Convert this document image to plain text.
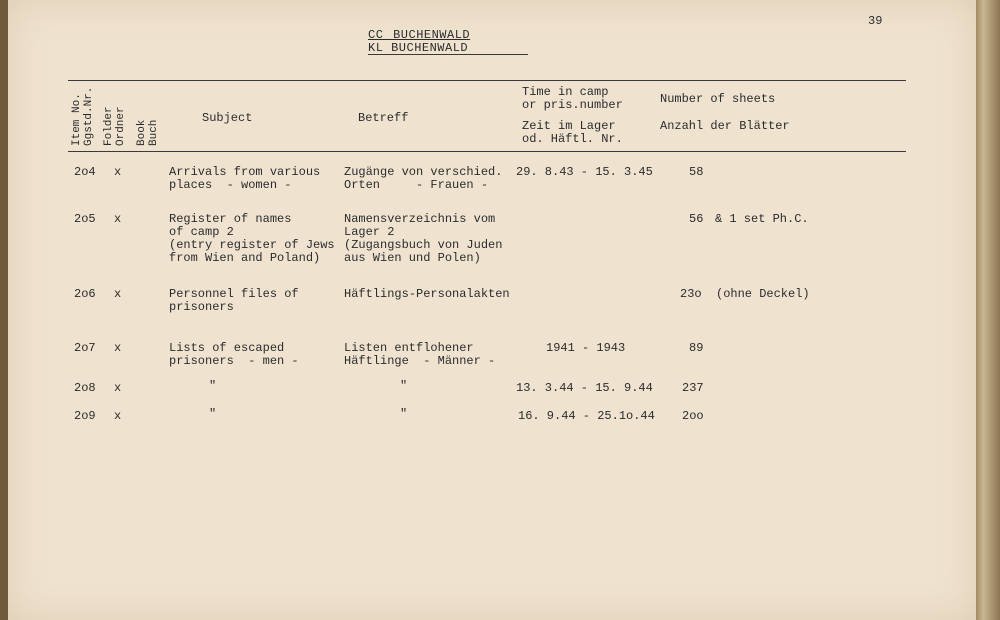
39
CC BUCHENWALD
KL BUCHENWALD
Item No. Ggstd.Nr. Folder Ordner Book Buch
Subject	Betreff
Time in camp
or pris.number
Zeit im Lager
od. Häftl. Nr.
Number of sheets
Anzahl der Blätter
2o4 x	Arrivals from various
places  - women -
Zugänge von verschied.
Orten     - Frauen -
29. 8.43 - 15. 3.45	58
2o5 x	Register of names
of camp 2
(entry register of Jews
from Wien and Poland)
Namensverzeichnis vom
Lager 2
(Zugangsbuch von Juden
aus Wien und Polen)
56 & 1 set Ph.C.
2o6 x	Personnel files of
prisoners
Häftlings-Personalakten	23o (ohne Deckel)
2o7 x	Lists of escaped
prisoners  - men -
Listen entflohener
Häftlinge  - Männer -
1941 - 1943	89
2o8 x	"	"	13. 3.44 - 15. 9.44 237
2o9 x	"	"	16. 9.44 - 25.1o.44 2oo
